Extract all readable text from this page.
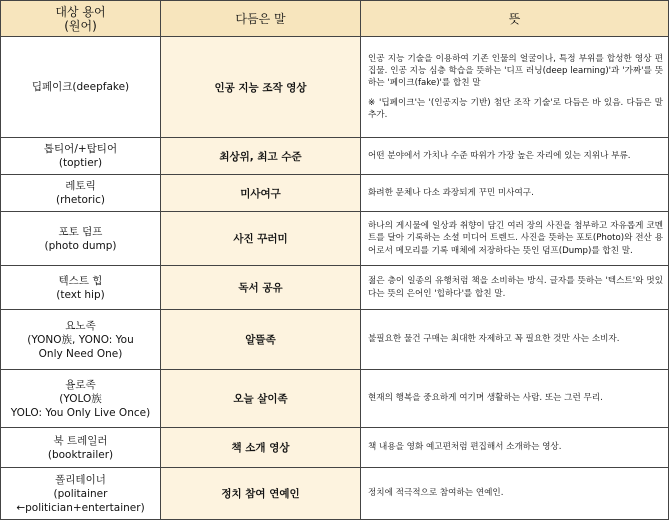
대상 용어
(원어)	다듬은 말	뜻

딥페이크(deepfake)	인공 지능 조작 영상	인공 지능 기술을 이용하여 기존 인물의 얼굴이나, 특정 부위를 합성한 영상 편집물. 인공 지능 심층 학습을 뜻하는 '디프 러닝(deep learning)'과 '가짜'를 뜻하는 '페이크(fake)'를 합친 말
※ '딥페이크'는 '(인공지능 기반) 첨단 조작 기술'로 다듬은 바 있음. 다듬은 말 추가.

톱티어/+탑티어
(toptier)	최상위, 최고 수준	어떤 분야에서 가치나 수준 따위가 가장 높은 자리에 있는 지위나 부류.

레토릭
(rhetoric)	미사여구	화려한 문체나 다소 과장되게 꾸민 미사여구.

포토 덤프
(photo dump)	사진 꾸러미	하나의 게시물에 일상과 취향이 담긴 여러 장의 사진을 첨부하고 자유롭게 코멘트를 달아 기록하는 소셜 미디어 트렌드. 사진을 뜻하는 포토(Photo)와 전산 용어로서 메모리를 기록 매체에 저장하다는 뜻인 덤프(Dump)를 합친 말.

텍스트 힙
(text hip)	독서 공유	젊은 층이 일종의 유행처럼 책을 소비하는 방식. 글자를 뜻하는 '텍스트'와 멋있다는 뜻의 은어인 '힙하다'를 합친 말.

요노족
(YONO族, YONO: You
Only Need One)	알뜰족	불필요한 물건 구매는 최대한 자제하고 꼭 필요한 것만 사는 소비자.

욜로족
(YOLO族
YOLO: You Only Live Once)	오늘 살이족	현재의 행복을 중요하게 여기며 생활하는 사람. 또는 그런 무리.

북 트레일러
(booktrailer)	책 소개 영상	책 내용을 영화 예고편처럼 편집해서 소개하는 영상.

폴리테이너
(politainer
←politician+entertainer)	정치 참여 연예인	정치에 적극적으로 참여하는 연예인.
